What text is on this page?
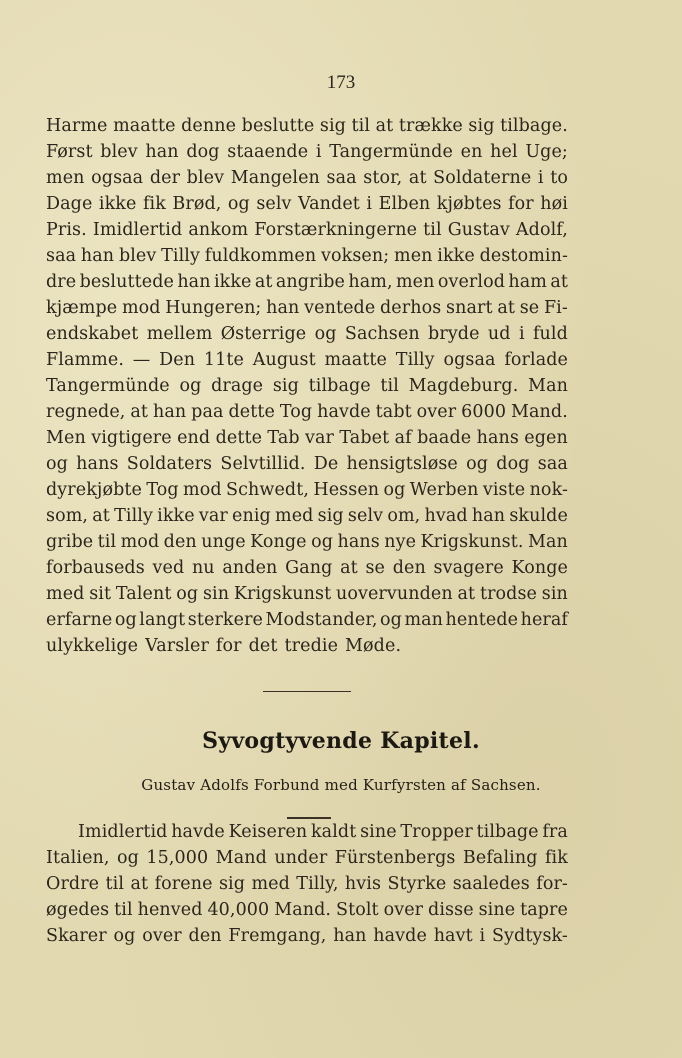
173
Harme maatte denne beslutte sig til at trække sig tilbage.
Først blev han dog staaende i Tangermünde en hel Uge;
men ogsaa der blev Mangelen saa stor, at Soldaterne i to
Dage ikke fik Brød, og selv Vandet i Elben kjøbtes for høi
Pris. Imidlertid ankom Forstærkningerne til Gustav Adolf,
saa han blev Tilly fuldkommen voksen; men ikke destomin-
dre besluttede han ikke at angribe ham, men overlod ham at
kjæmpe mod Hungeren; han ventede derhos snart at se Fi-
endskabet mellem Østerrige og Sachsen bryde ud i fuld
Flamme. — Den 11te August maatte Tilly ogsaa forlade
Tangermünde og drage sig tilbage til Magdeburg. Man
regnede, at han paa dette Tog havde tabt over 6000 Mand.
Men vigtigere end dette Tab var Tabet af baade hans egen
og hans Soldaters Selvtillid. De hensigtsløse og dog saa
dyrekjøbte Tog mod Schwedt, Hessen og Werben viste nok-
som, at Tilly ikke var enig med sig selv om, hvad han skulde
gribe til mod den unge Konge og hans nye Krigskunst. Man
forbauseds ved nu anden Gang at se den svagere Konge
med sit Talent og sin Krigskunst uovervunden at trodse sin
erfarne og langt sterkere Modstander, og man hentede heraf
ulykkelige Varsler for det tredie Møde.
Syvogtyvende Kapitel.
Gustav Adolfs Forbund med Kurfyrsten af Sachsen.
Imidlertid havde Keiseren kaldt sine Tropper tilbage fra
Italien, og 15,000 Mand under Fürstenbergs Befaling fik
Ordre til at forene sig med Tilly, hvis Styrke saaledes for-
øgedes til henved 40,000 Mand. Stolt over disse sine tapre
Skarer og over den Fremgang, han havde havt i Sydtysk-
